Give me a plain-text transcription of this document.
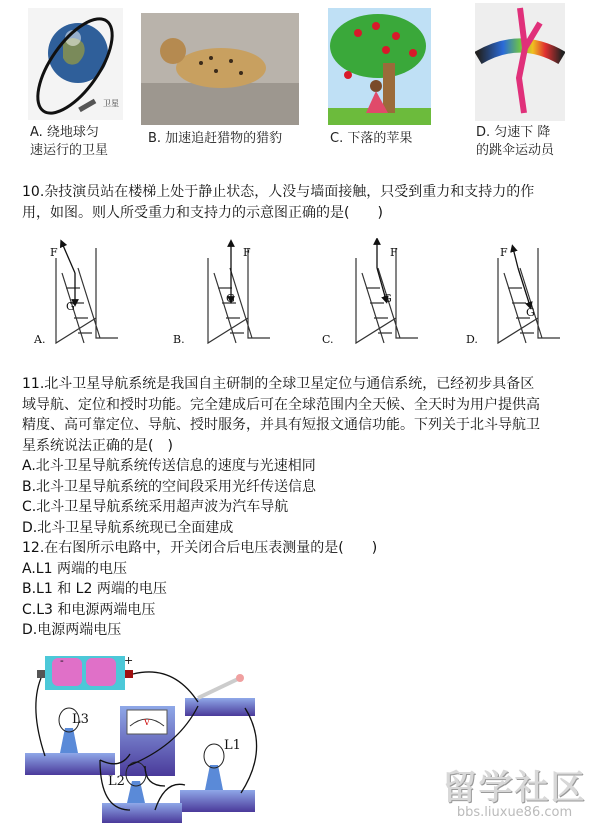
卫星
A. 绕地球匀
速运行的卫星
B. 加速追赶猎物的猎豹	C. 下落的苹果	D. 匀速下 降
的跳伞运动员
10.杂技演员站在楼梯上处于静止状态，人没与墙面接触，只受到重力和支持力的作
用，如图。则人所受重力和支持力的示意图正确的是(　　)
F
G
F
G
F
G
F
G
A.	B.	C.	D.
11.北斗卫星导航系统是我国自主研制的全球卫星定位与通信系统，已经初步具备区
域导航、定位和授时功能。完全建成后可在全球范围内全天候、全天时为用户提供高
精度、高可靠定位、导航、授时服务，并具有短报文通信功能。下列关于北斗导航卫
星系统说法正确的是(　)
A.北斗卫星导航系统传送信息的速度与光速相同
B.北斗卫星导航系统的空间段采用光纤传送信息
C.北斗卫星导航系统采用超声波为汽车导航
D.北斗卫星导航系统现已全面建成
12.在右图所示电路中，开关闭合后电压表测量的是(　　)
A.L1 两端的电压
B.L1 和 L2 两端的电压
C.L3 和电源两端电压
D.电源两端电压
-	+
L3
L1
L2
V
留学社区
bbs.liuxue86.com
